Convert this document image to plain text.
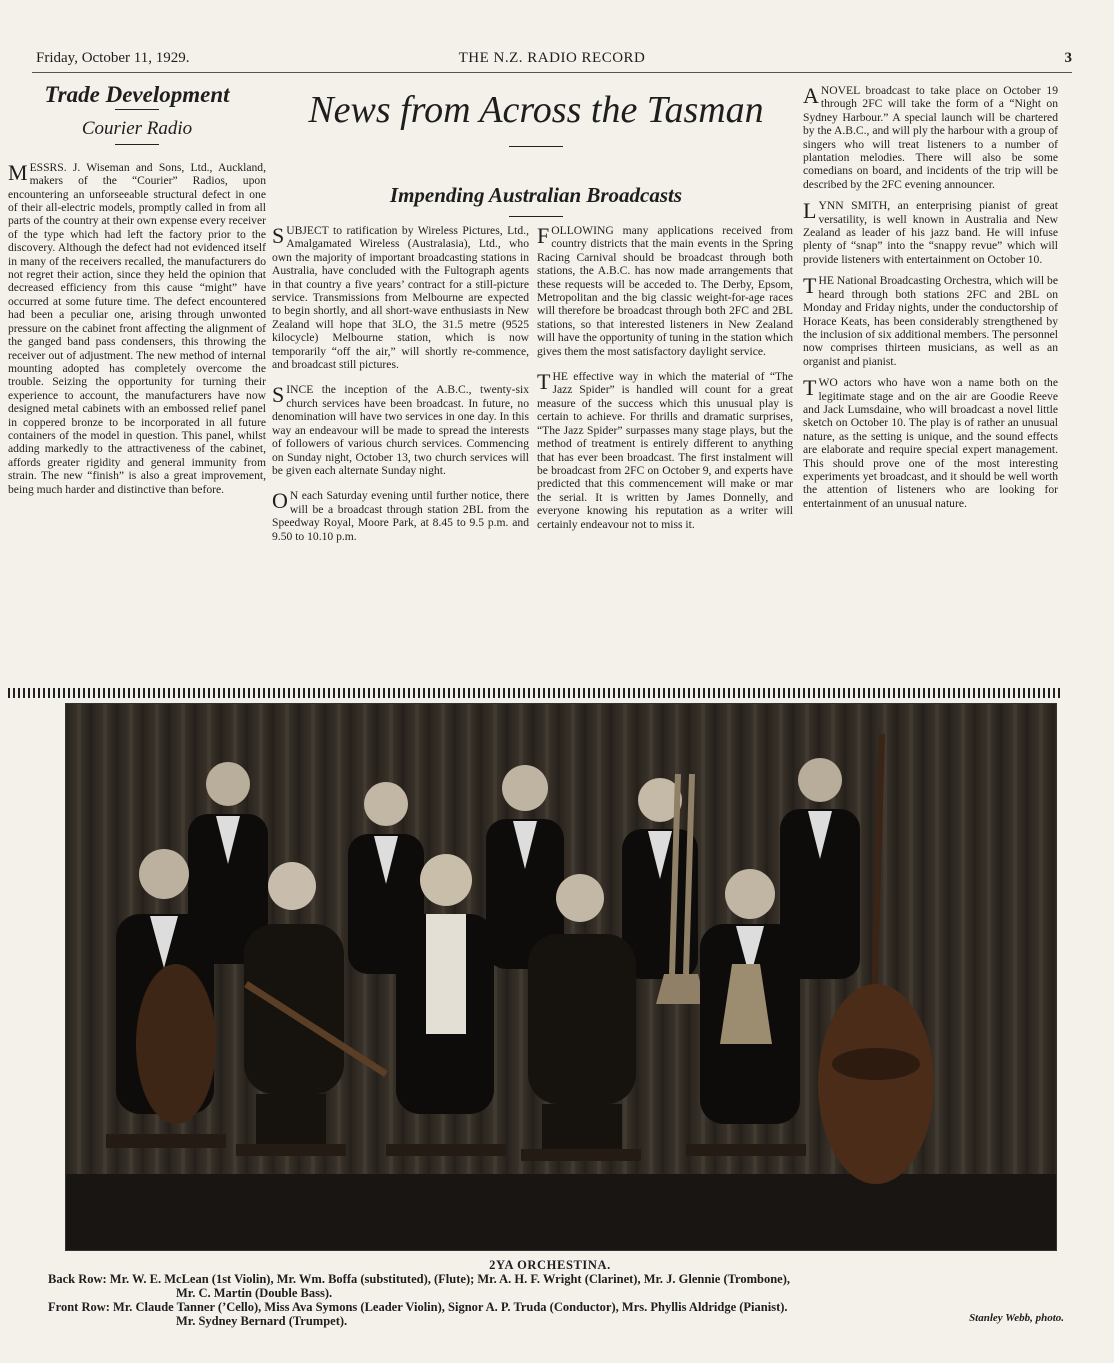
Friday, October 11, 1929.	THE N.Z. RADIO RECORD	3
Trade Development
Courier Radio

MESSRS. J. Wiseman and Sons, Ltd., Auckland, makers of the “Courier” Radios, upon encountering an unforseeable structural defect in one of their all-electric models, promptly called in from all parts of the country at their own expense every receiver of the type which had left the factory prior to the discovery. Although the defect had not evidenced itself in many of the receivers recalled, the manufacturers do not regret their action, since they held the opinion that decreased efficiency from this cause “might” have occurred at some future time. The defect encountered had been a peculiar one, arising through unwonted pressure on the cabinet front affecting the alignment of the ganged band pass condensers, this throwing the receiver out of adjustment. The new method of internal mounting adopted has completely overcome the trouble. Seizing the opportunity for turning their experience to account, the manufacturers have now designed metal cabinets with an embossed relief panel in coppered bronze to be incorporated in all future containers of the model in question. This panel, whilst adding markedly to the attractiveness of the cabinet, affords greater rigidity and general immunity from strain. The new “finish” is also a great improvement, being much harder and distinctive than before.

News from Across the Tasman
Impending Australian Broadcasts

SUBJECT to ratification by Wireless Pictures, Ltd., Amalgamated Wireless (Australasia), Ltd., who own the majority of important broadcasting stations in Australia, have concluded with the Fultograph agents in that country a five years’ contract for a still-picture service. Transmissions from Melbourne are expected to begin shortly, and all short-wave enthusiasts in New Zealand will hope that 3LO, the 31.5 metre (9525 kilocycle) Melbourne station, which is now temporarily “off the air,” will shortly re-commence, and broadcast still pictures.

SINCE the inception of the A.B.C., twenty-six church services have been broadcast. In future, no denomination will have two services in one day. In this way an endeavour will be made to spread the interests of followers of various church services. Commencing on Sunday night, October 13, two church services will be given each alternate Sunday night.

O N each Saturday evening until further notice, there will be a broadcast through station 2BL from the Speedway Royal, Moore Park, at 8.45 to 9.5 p.m. and 9.50 to 10.10 p.m.

FOLLOWING many applications received from country districts that the main events in the Spring Racing Carnival should be broadcast through both stations, the A.B.C. has now made arrangements that these requests will be acceded to. The Derby, Epsom, Metropolitan and the big classic weight-for-age races will therefore be broadcast through both 2FC and 2BL stations, so that interested listeners in New Zealand will have the opportunity of tuning in the station which gives them the most satisfactory daylight service.

THE effective way in which the material of “The Jazz Spider” is handled will count for a great measure of the success which this unusual play is certain to achieve. For thrills and dramatic surprises, “The Jazz Spider” surpasses many stage plays, but the method of treatment is entirely different to anything that has ever been broadcast. The first instalment will be broadcast from 2FC on October 9, and experts have predicted that this commencement will make or mar the serial. It is written by James Donnelly, and everyone knowing his reputation as a writer will certainly endeavour not to miss it.

ANOVEL broadcast to take place on October 19 through 2FC will take the form of a “Night on Sydney Harbour.” A special launch will be chartered by the A.B.C., and will ply the harbour with a group of singers who will treat listeners to a number of plantation melodies. There will also be some comedians on board, and incidents of the trip will be described by the 2FC evening announcer.

LYNN SMITH, an enterprising pianist of great versatility, is well known in Australia and New Zealand as leader of his jazz band. He will infuse plenty of “snap” into the “snappy revue” which will provide listeners with entertainment on October 10.

THE National Broadcasting Orchestra, which will be heard through both stations 2FC and 2BL on Monday and Friday nights, under the conductorship of Horace Keats, has been considerably strengthened by the inclusion of six additional members. The personnel now comprises thirteen musicians, as well as an organist and pianist.

TWO actors who have won a name both on the legitimate stage and on the air are Goodie Reeve and Jack Lumsdaine, who will broadcast a novel little sketch on October 10. The play is of rather an unusual nature, as the setting is unique, and the sound effects are elaborate and require special expert management. This should prove one of the most interesting experiments yet broadcast, and it should be well worth the attention of listeners who are looking for entertainment of an unusual nature.

2YA ORCHESTINA.
Back Row: Mr. W. E. McLean (1st Violin), Mr. Wm. Boffa (substituted), (Flute); Mr. A. H. F. Wright (Clarinet), Mr. J. Glennie (Trombone),
Mr. C. Martin (Double Bass).
Front Row: Mr. Claude Tanner (’Cello), Miss Ava Symons (Leader Violin), Signor A. P. Truda (Conductor), Mrs. Phyllis Aldridge (Pianist).
Mr. Sydney Bernard (Trumpet).	Stanley Webb, photo.
